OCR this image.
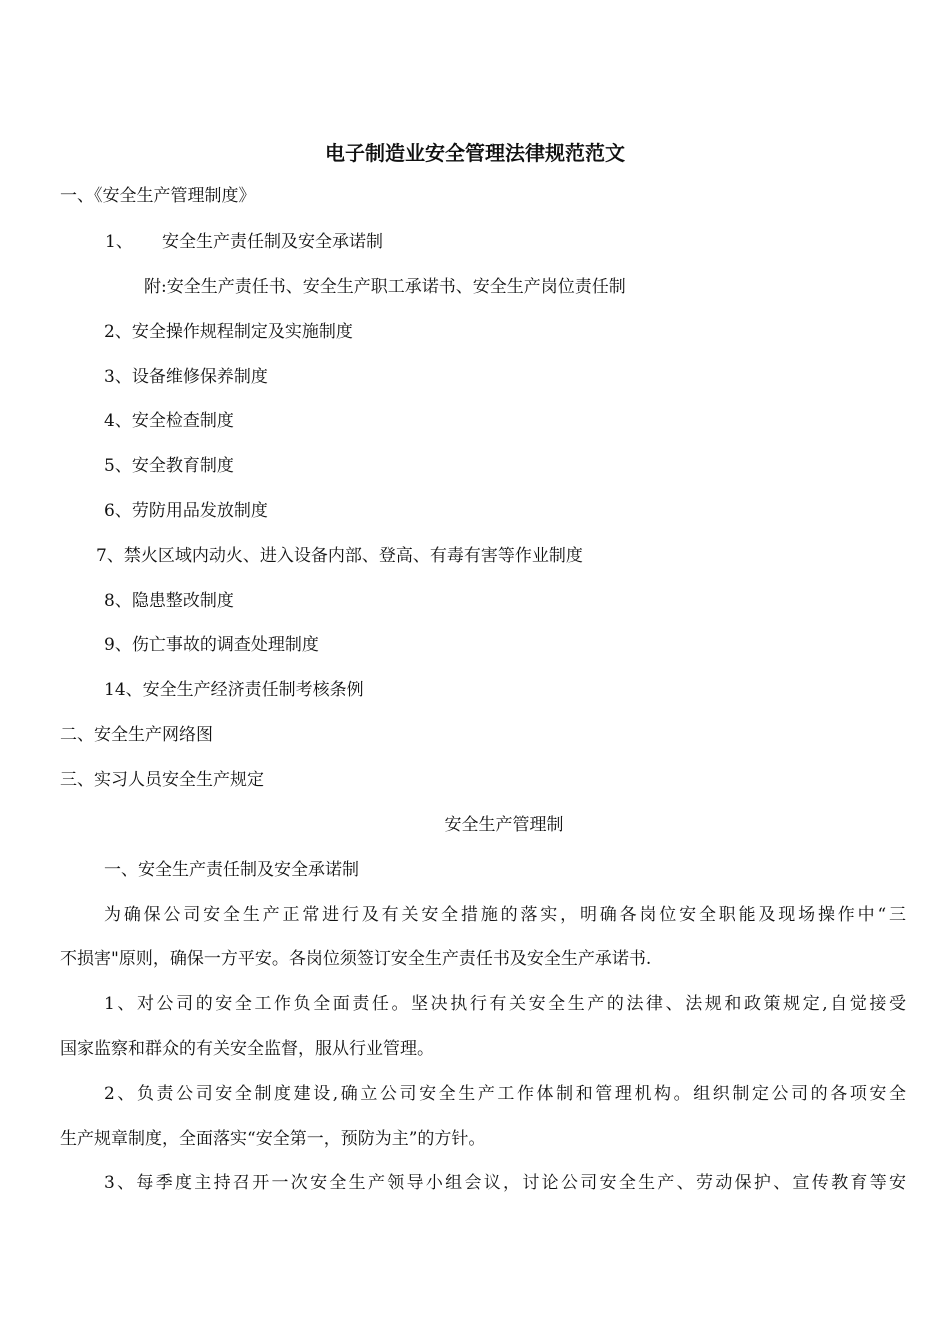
电子制造业安全管理法律规范范文

一、《安全生产管理制度》

1、 安全生产责任制及安全承诺制

附:安全生产责任书、安全生产职工承诺书、安全生产岗位责任制

2、安全操作规程制定及实施制度

3、设备维修保养制度

4、安全检查制度

5、安全教育制度

6、劳防用品发放制度

7、禁火区域内动火、进入设备内部、登高、有毒有害等作业制度

8、隐患整改制度

9、伤亡事故的调查处理制度

14、安全生产经济责任制考核条例

二、安全生产网络图

三、实习人员安全生产规定

安全生产管理制

一、安全生产责任制及安全承诺制

为确保公司安全生产正常进行及有关安全措施的落实，明确各岗位安全职能及现场操作中“三

不损害"原则，确保一方平安。各岗位须签订安全生产责任书及安全生产承诺书.

1、对公司的安全工作负全面责任。坚决执行有关安全生产的法律、法规和政策规定,自觉接受

国家监察和群众的有关安全监督，服从行业管理。

2、负责公司安全制度建设,确立公司安全生产工作体制和管理机构。组织制定公司的各项安全

生产规章制度，全面落实“安全第一，预防为主”的方针。

3、每季度主持召开一次安全生产领导小组会议，讨论公司安全生产、劳动保护、宣传教育等安
